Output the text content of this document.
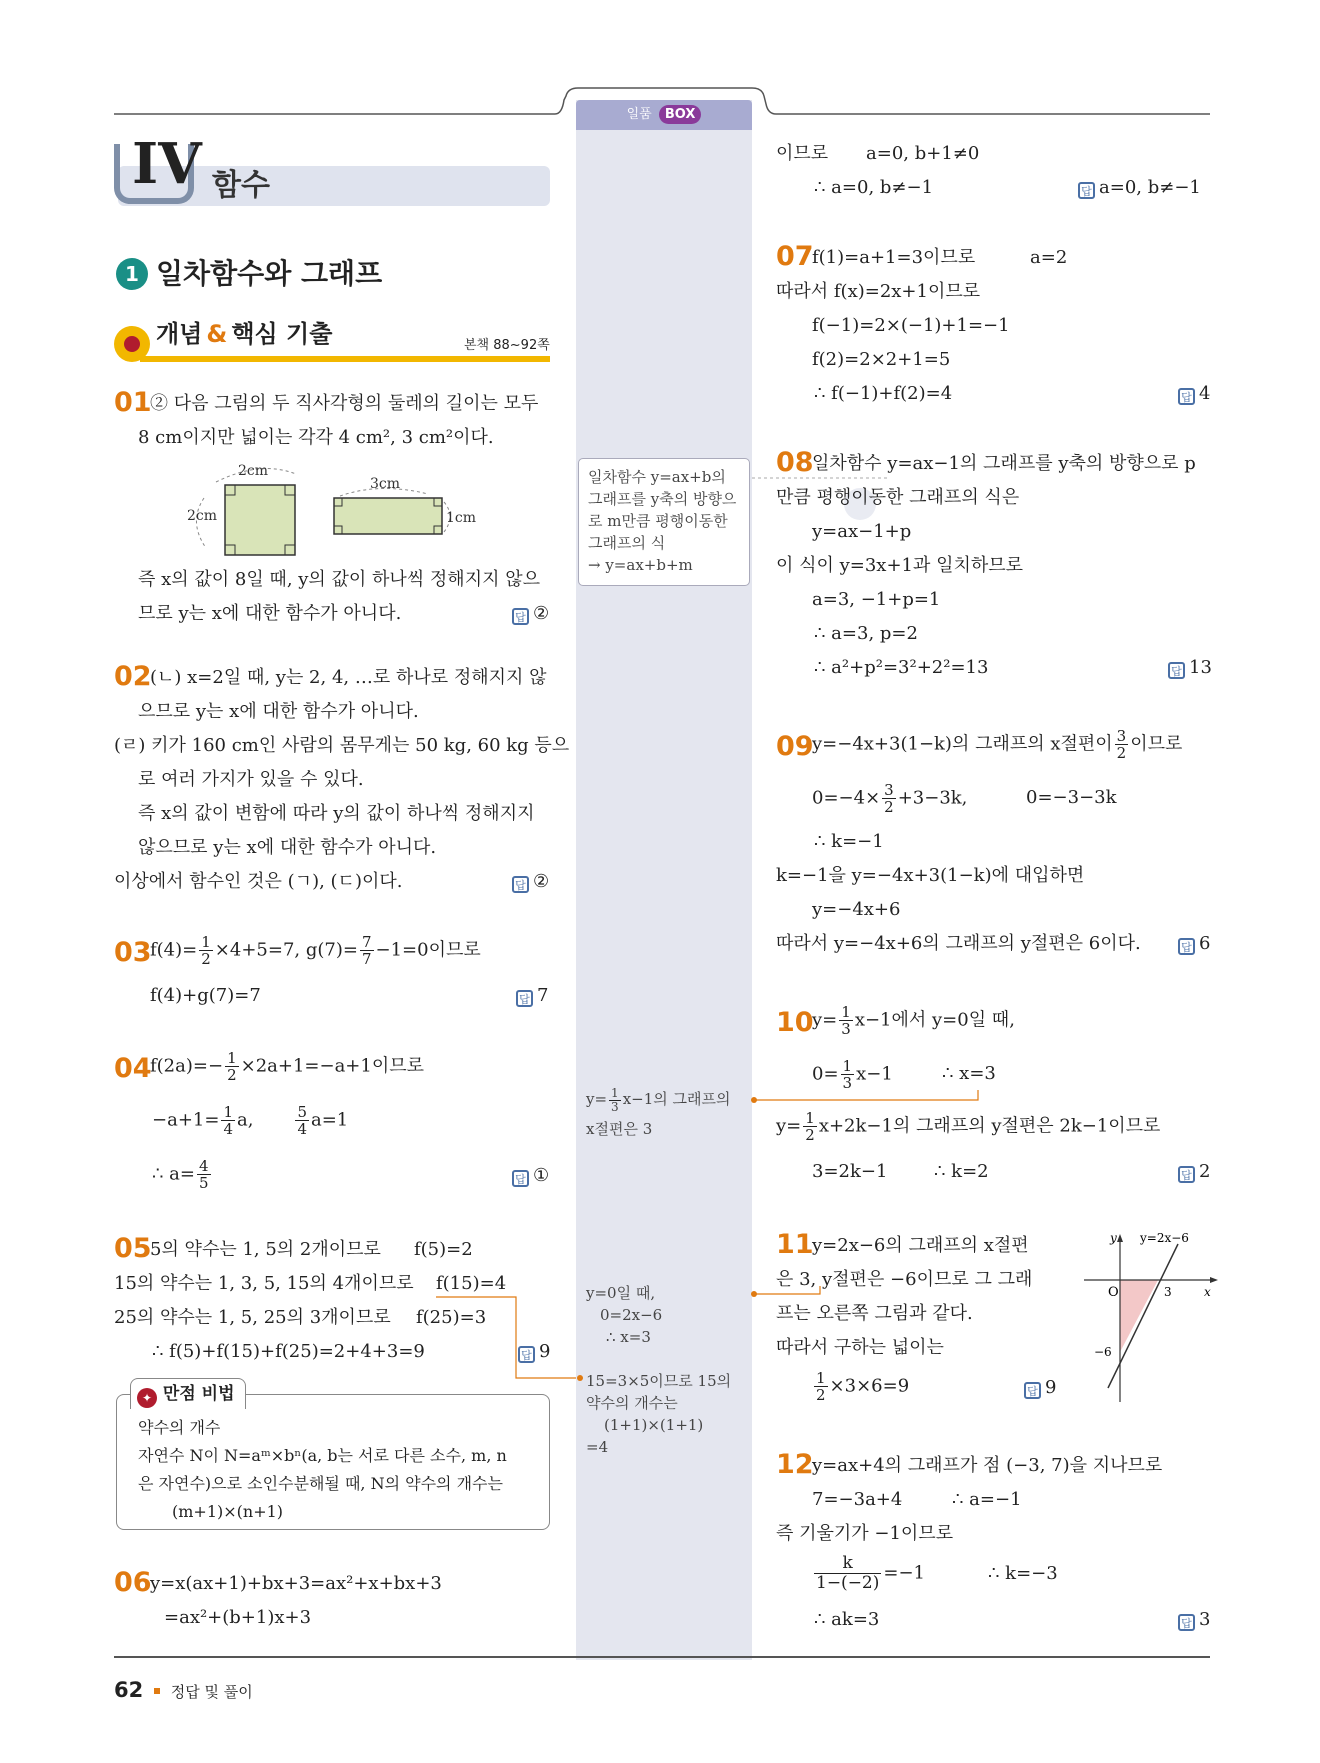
일품 BOX
IV 함수
1 일차함수와 그래프
개념 & 핵심 기출	본책 88~92쪽
01
② 다음 그림의 두 직사각형의 둘레의 길이는 모두
8 cm이지만 넓이는 각각 4 cm², 3 cm²이다.
2cm
2cm
3cm
1cm
즉 x의 값이 8일 때, y의 값이 하나씩 정해지지 않으
므로 y는 x에 대한 함수가 아니다.	답 ②
02
(ㄴ) x=2일 때, y는 2, 4, …로 하나로 정해지지 않
으므로 y는 x에 대한 함수가 아니다.
(ㄹ) 키가 160 cm인 사람의 몸무게는 50 kg, 60 kg 등으
로 여러 가지가 있을 수 있다.
즉 x의 값이 변함에 따라 y의 값이 하나씩 정해지지
않으므로 y는 x에 대한 함수가 아니다.
이상에서 함수인 것은 (ㄱ), (ㄷ)이다.	답 ②
03
$f(4)= \frac{1}{2} \times 4+5=7$, $g(7)= \frac{7}{7} -1=0$이므로
f(4)+g(7)=7	답 7
04
$f(2a)=- \frac{1}{2} \times 2a+1=-a+1$이므로
$-a+1= \frac{1}{4} a$,	$\frac{5}{4} a=1$
∴ $a= \frac{4}{5}$	답 ①
05
5의 약수는 1, 5의 2개이므로 f(5)=2
15의 약수는 1, 3, 5, 15의 4개이므로 f(15)=4
25의 약수는 1, 5, 25의 3개이므로 f(25)=3
∴ f(5)+f(15)+f(25)=2+4+3=9	답 9
✦ 만점 비법
약수의 개수
자연수 N이 N=aᵐ×bⁿ(a, b는 서로 다른 소수, m, n
은 자연수)으로 소인수분해될 때, N의 약수의 개수는
(m+1)×(n+1)
06
y=x(ax+1)+bx+3=ax²+x+bx+3
=ax²+(b+1)x+3
일차함수 y=ax+b의
그래프를 y축의 방향으
로 m만큼 평행이동한
그래프의 식
→ y=ax+b+m
$y= \frac{1}{3} x-1$의 그래프의
x절편은 3
y=0일 때,
0=2x−6
∴ x=3
15=3×5이므로 15의
약수의 개수는
(1+1)×(1+1)
=4
이므로 a=0, b+1≠0
∴ a=0, b≠−1	답 a=0, b≠−1
07
f(1)=a+1=3이므로	a=2
따라서 f(x)=2x+1이므로
f(−1)=2×(−1)+1=−1
f(2)=2×2+1=5
∴ f(−1)+f(2)=4	답 4
08
일차함수 y=ax−1의 그래프를 y축의 방향으로 p
만큼 평행이동한 그래프의 식은
y=ax−1+p
이 식이 y=3x+1과 일치하므로
a=3, −1+p=1
∴ a=3, p=2
∴ a²+p²=3²+2²=13	답 13
09
y=−4x+3(1−k)의 그래프의 x절편이 $\frac{3}{2}$ 이므로
$0=-4\times \frac{3}{2} +3-3k$,	0=−3−3k
∴ k=−1
k=−1을 y=−4x+3(1−k)에 대입하면
y=−4x+6
따라서 y=−4x+6의 그래프의 y절편은 6이다.	답 6
10
$y= \frac{1}{3} x-1$에서 y=0일 때,
$0= \frac{1}{3} x-1$	∴ x=3
$y= \frac{1}{2} x+2k-1$의 그래프의 y절편은 2k−1이므로
3=2k−1	∴ k=2	답 2
11
y=2x−6의 그래프의 x절편
은 3, y절편은 −6이므로 그 그래
프는 오른쪽 그림과 같다.
따라서 구하는 넓이는
$\frac{1}{2} \times 3\times 6=9$	답 9
y
x
O	3
−6
y=2x−6
12
y=ax+4의 그래프가 점 (−3, 7)을 지나므로
7=−3a+4	∴ a=−1
즉 기울기가 −1이므로
$\frac{k}{1-(-2)} =-1$	∴ k=−3
∴ ak=3	답 3
62 정답 및 풀이
